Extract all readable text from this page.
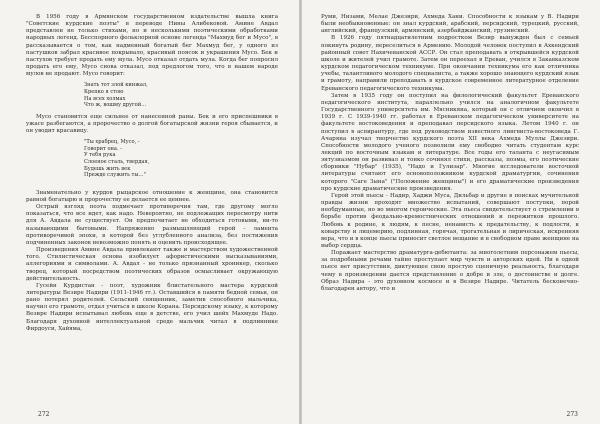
В 1956 году в Армянском государственном издательстве вышла книга "Советские курдские поэты" в переводе Нины Алибековой. Амине Авдал представлен не только стихами, но и несколькими поэтическими обработками народных легенд. Бесспорного фольклорной основе легенда "Махмуд бег и Мусо", в рассказывается о том, как надменный богатый бег Махмуд бег, у одного из пастушков забрал красивое покрывало, красивый поясок и украшения Мусо. Бек и пастухов требует продать ему мула. Мусо отказал отдать мула. Когда бег попросил продать его ему, Мусо снова отказал, под предлогом того, что в нашем народе мулов не продают. Мусо говорит:

Знать тот злой кинжал,
Крепко я стою
На всех холмах
Что ж, вошму другой…

Мусо становится еще сильнее от нанесенной раны. Бек и его приспешники в ужасе разбегаются, а пророчество о долгой богатырской жизни героя сбывается, и он уводит красавицу.

"Ты храбрец, Мусо, -
Говорит она. -
У тебя рука
Слоеное сталь, твердая,
Будешь жить век
Прежде служить ты…"

Знаменательно у курдов рыцарское отношение к женщине, она становится равной богатырю и пророчеству ее делается ее ценнее.

Острый взгляд поэта подмечает противоречия там, где другому могло показаться, что все идет, как надо. Невероятно, не подлежащих пересмотру нити для А. Авдала не существует. Он предпочитает не обходиться готовыми, ни-то называющими бытовыми. Напряженно размышляющий герой - ламента противоречивой эпохи, в которой без углубленного анализа, без постижения подчиненных законов невозможно понять и оценить происходящее.

Произведения Амине Авдала привлекают также и мастерством художественной того. Стилистическая основа изобилует афористическими высказываниями, аллегориями и символами. А. Авдал - не только признанный хроникер, сколько творец, который посредством поэтических образов осмысливает окружающую действительность.

Гусейн Курдистан - поэт, художник блистательного мастера курдской литературы Везире Надири (1911-1946 гг.). Оставшийся в памяти бедной семьи, он рано потерял родителей. Сельский священник, заметив способного мальчика, научил его грамоте, отдал учиться в школе Корана. Персидскому языку, к которому Везире Надири испытывал любовь еще в детстве, его учил шейх Махмуде Надо. Благодаря духовной интеллектуальной среде мальчик читал в подлиннике Фирдоуси, Хайяма,

272

Руми, Низами, Мелае Джезири, Ахмеда Хани. Способности к языкам у В. Надири были необыкновенные: он знал курдский, арабский, персидский, турецкий, русский, английский, французский, армянский, азербайджанский, грузинский.

В 1926 году пятнадцатилетним подростком Везир вынужден был с семьей покинуть родину, переселиться в Армению. Молодой человек поступил в Ахкендский районный совет Нахичеванской АССР. Он стал преподавать в открывшейся курдской школе и жителей учил грамоте. Затем он переехал в Ереван, учился в Закавказском курдском педагогическом техникуме. При окончании техникума его как отличника учебы, талантливого молодого специалиста, а также хорошо знающего курдский язык и грамоту, направили преподавать в курдское современное литературное отделение Ереванского педагогического техникума.

Затем в 1935 году он поступил на филологический факультет Ереванского педагогического института, параллельно учился на аналогичном факультете Государственного университета им. Мясникяна, который он с отличием окончил в 1939 г. С 1939-1940 гг. работал в Ереванском педагогическом университете на факультете востоковедения и преподавал персидского языка. Летом 1940 г. он поступил в аспирантуру, где под руководством известного лингвиста-востоковеда Г. Ачаряна изучал творчество курдского поэта XII века Ахмеда Муллы Джезири. Способности молодого ученого позволили ему свободно читать студентам курс лекций по восточным языкам и литературе. Все годы его таланта с неугасимым энтузиазмом он развивал и тонко сочинял стихи, рассказы, поэмы, его поэтические сборники "Нубар" (1935), "Надо и Гулизар". Многие исследователи восточной литературы считают его основоположником курдской драматургии, сочинения которого "Саге Зына" ("Положение женщины") и его драматические произведения про курдские драматические произведения.

Герой этой пьесы - Надир, Хаджи Муса, Дильбар и другие в поисках мучительной правды жизни проходят множество испытаний, совершают поступки, порой необдуманные, но во многом героические. Эта пьеса свидетельствует о стремлении в борьбе против феодально-кремостнических отношений и пережитков прошлого. Любовь к родине, к людям, к песне, ненависть к предательству, к подлости, к коварству и лицемерию, подлинная, горячая, трогательная и лирическая, искренняя вера, что и в конце пьесы приносит светлое вещание и в свободном праве женщине на выбор сердца.

Поражает мастерство драматурга-дебютанта: за многолетним персонажем пьесы, за подробными речами тайно проступает мир чувств и авторских идей. Ни в одной пьесе нет присутствия, диктующее свою простую сценичную реальность, благодаря чему в произведении дается представление о добре и зле, о достоинстве и долге. Образ Надира - это духовном космосе и в Везире Надире. Читатель бесконечно-благодарен автору, что и

273
